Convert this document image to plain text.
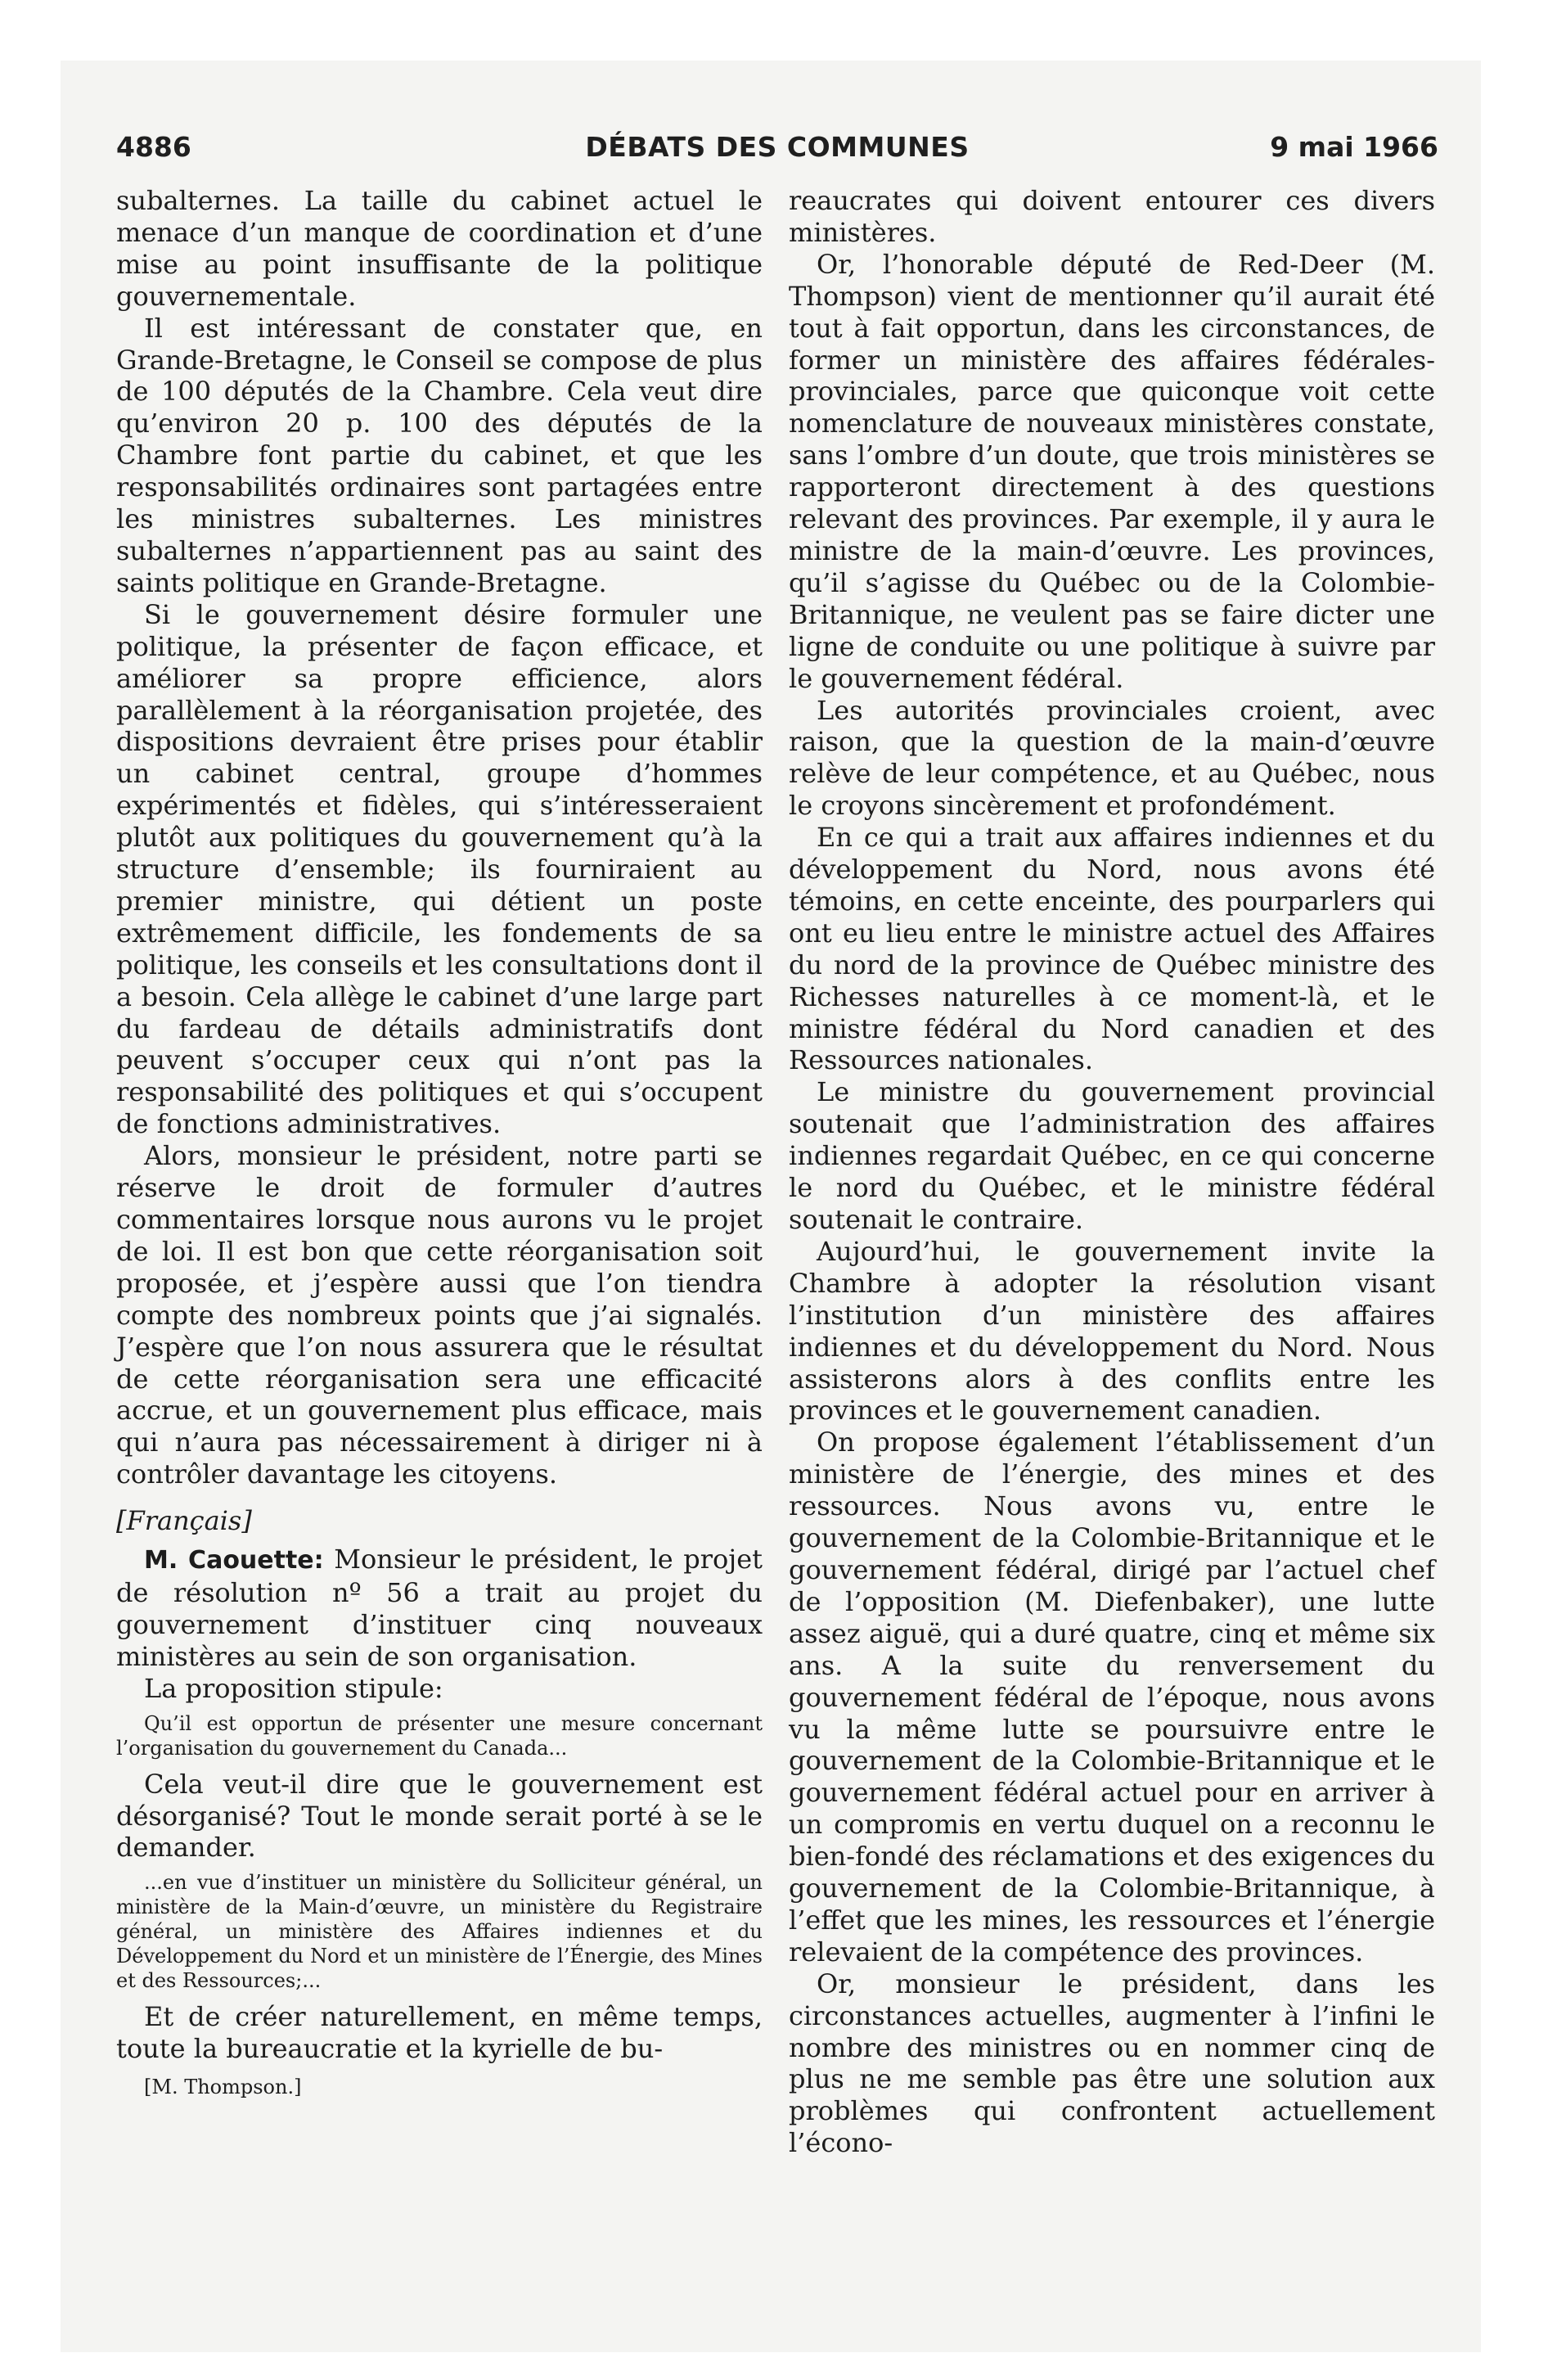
4886	DÉBATS DES COMMUNES	9 mai 1966

subalternes. La taille du cabinet actuel le menace d’un manque de coordination et d’une mise au point insuffisante de la politique gouvernementale.

Il est intéressant de constater que, en Grande-Bretagne, le Conseil se compose de plus de 100 députés de la Chambre. Cela veut dire qu’environ 20 p. 100 des députés de la Chambre font partie du cabinet, et que les responsabilités ordinaires sont partagées entre les ministres subalternes. Les ministres subalternes n’appartiennent pas au saint des saints politique en Grande-Bretagne.

Si le gouvernement désire formuler une politique, la présenter de façon efficace, et améliorer sa propre efficience, alors parallèlement à la réorganisation projetée, des dispositions devraient être prises pour établir un cabinet central, groupe d’hommes expérimentés et fidèles, qui s’intéresseraient plutôt aux politiques du gouvernement qu’à la structure d’ensemble; ils fourniraient au premier ministre, qui détient un poste extrêmement difficile, les fondements de sa politique, les conseils et les consultations dont il a besoin. Cela allège le cabinet d’une large part du fardeau de détails administratifs dont peuvent s’occuper ceux qui n’ont pas la responsabilité des politiques et qui s’occupent de fonctions administratives.

Alors, monsieur le président, notre parti se réserve le droit de formuler d’autres commentaires lorsque nous aurons vu le projet de loi. Il est bon que cette réorganisation soit proposée, et j’espère aussi que l’on tiendra compte des nombreux points que j’ai signalés. J’espère que l’on nous assurera que le résultat de cette réorganisation sera une efficacité accrue, et un gouvernement plus efficace, mais qui n’aura pas nécessairement à diriger ni à contrôler davantage les citoyens.

[Français]

M. Caouette: Monsieur le président, le projet de résolution nº 56 a trait au projet du gouvernement d’instituer cinq nouveaux ministères au sein de son organisation.

La proposition stipule:

Qu’il est opportun de présenter une mesure concernant l’organisation du gouvernement du Canada...

Cela veut-il dire que le gouvernement est désorganisé? Tout le monde serait porté à se le demander.

...en vue d’instituer un ministère du Solliciteur général, un ministère de la Main-d’œuvre, un ministère du Registraire général, un ministère des Affaires indiennes et du Développement du Nord et un ministère de l’Énergie, des Mines et des Ressources;...

Et de créer naturellement, en même temps, toute la bureaucratie et la kyrielle de bu-

[M. Thompson.]

reaucrates qui doivent entourer ces divers ministères.

Or, l’honorable député de Red-Deer (M. Thompson) vient de mentionner qu’il aurait été tout à fait opportun, dans les circonstances, de former un ministère des affaires fédérales-provinciales, parce que quiconque voit cette nomenclature de nouveaux ministères constate, sans l’ombre d’un doute, que trois ministères se rapporteront directement à des questions relevant des provinces. Par exemple, il y aura le ministre de la main-d’œuvre. Les provinces, qu’il s’agisse du Québec ou de la Colombie-Britannique, ne veulent pas se faire dicter une ligne de conduite ou une politique à suivre par le gouvernement fédéral.

Les autorités provinciales croient, avec raison, que la question de la main-d’œuvre relève de leur compétence, et au Québec, nous le croyons sincèrement et profondément.

En ce qui a trait aux affaires indiennes et du développement du Nord, nous avons été témoins, en cette enceinte, des pourparlers qui ont eu lieu entre le ministre actuel des Affaires du nord de la province de Québec ministre des Richesses naturelles à ce moment-là, et le ministre fédéral du Nord canadien et des Ressources nationales.

Le ministre du gouvernement provincial soutenait que l’administration des affaires indiennes regardait Québec, en ce qui concerne le nord du Québec, et le ministre fédéral soutenait le contraire.

Aujourd’hui, le gouvernement invite la Chambre à adopter la résolution visant l’institution d’un ministère des affaires indiennes et du développement du Nord. Nous assisterons alors à des conflits entre les provinces et le gouvernement canadien.

On propose également l’établissement d’un ministère de l’énergie, des mines et des ressources. Nous avons vu, entre le gouvernement de la Colombie-Britannique et le gouvernement fédéral, dirigé par l’actuel chef de l’opposition (M. Diefenbaker), une lutte assez aiguë, qui a duré quatre, cinq et même six ans. A la suite du renversement du gouvernement fédéral de l’époque, nous avons vu la même lutte se poursuivre entre le gouvernement de la Colombie-Britannique et le gouvernement fédéral actuel pour en arriver à un compromis en vertu duquel on a reconnu le bien-fondé des réclamations et des exigences du gouvernement de la Colombie-Britannique, à l’effet que les mines, les ressources et l’énergie relevaient de la compétence des provinces.

Or, monsieur le président, dans les circonstances actuelles, augmenter à l’infini le nombre des ministres ou en nommer cinq de plus ne me semble pas être une solution aux problèmes qui confrontent actuellement l’écono-
